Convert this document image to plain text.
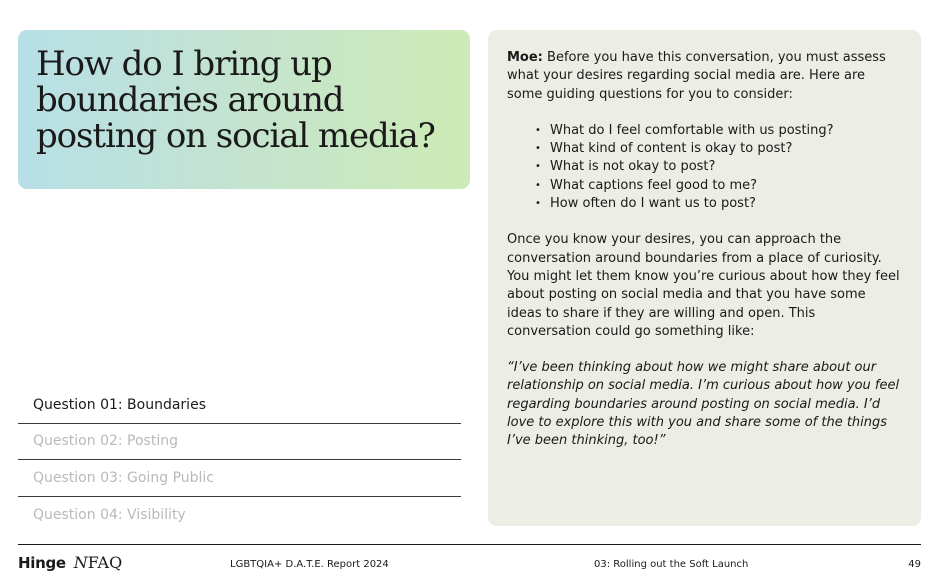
How do I bring up boundaries around posting on social media?
Question 01: Boundaries
Question 02: Posting
Question 03: Going Public
Question 04: Visibility

Moe: Before you have this conversation, you must assess what your desires regarding social media are. Here are some guiding questions for you to consider:

• What do I feel comfortable with us posting?
• What kind of content is okay to post?
• What is not okay to post?
• What captions feel good to me?
• How often do I want us to post?

Once you know your desires, you can approach the conversation around boundaries from a place of curiosity. You might let them know you’re curious about how they feel about posting on social media and that you have some ideas to share if they are willing and open. This conversation could go something like:

“I’ve been thinking about how we might share about our relationship on social media. I’m curious about how you feel regarding boundaries around posting on social media. I’d love to explore this with you and share some of the things I’ve been thinking, too!”

Hinge NFAQ	LGBTQIA+ D.A.T.E. Report 2024	03: Rolling out the Soft Launch	49
